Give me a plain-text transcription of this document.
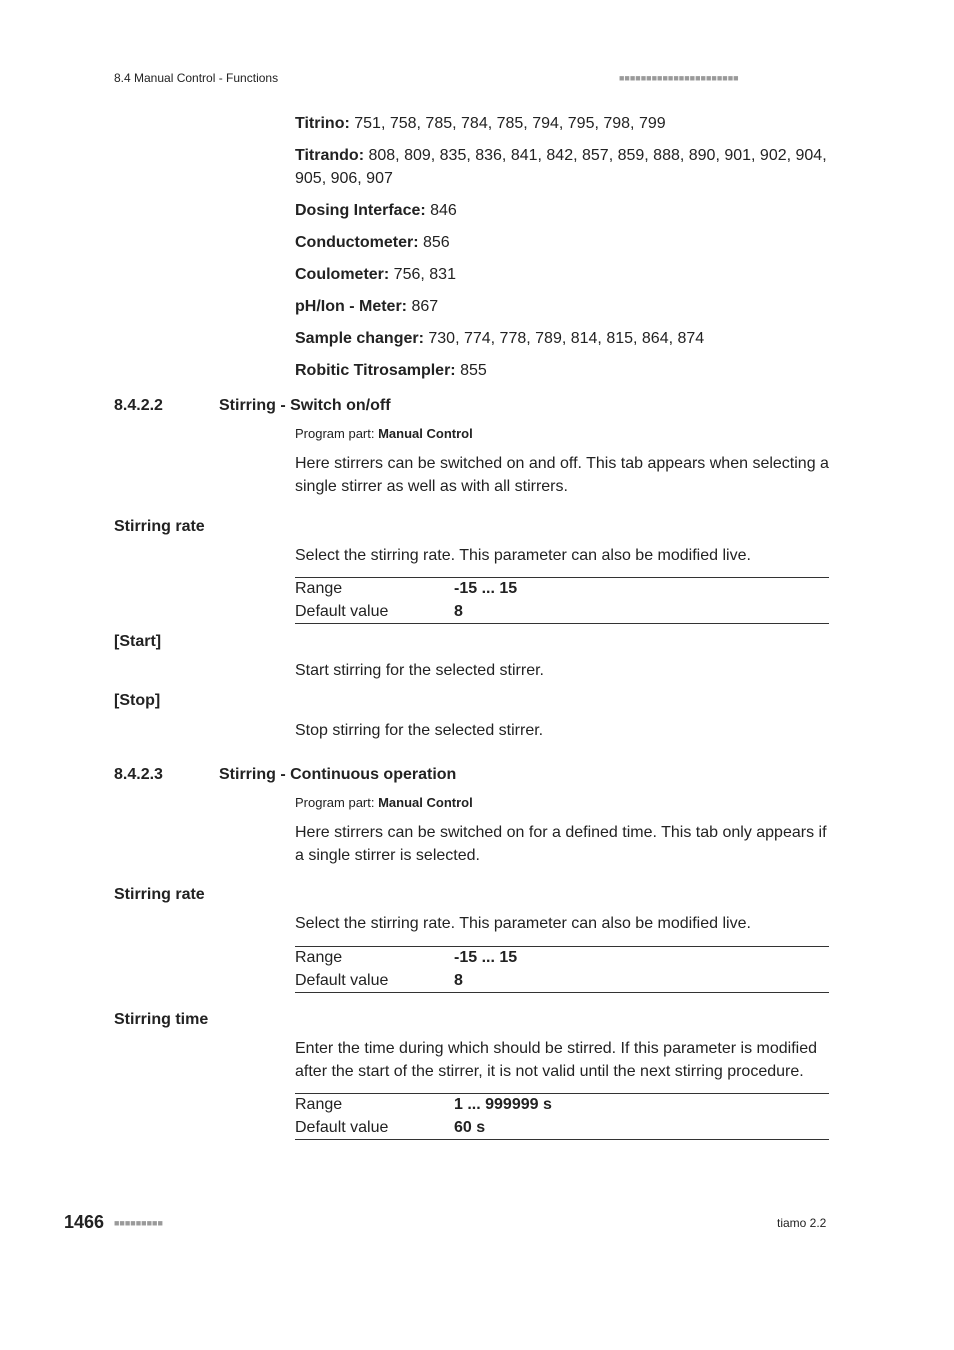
8.4 Manual Control - Functions	■■■■■■■■■■■■■■■■■■■■■■
Titrino: 751, 758, 785, 784, 785, 794, 795, 798, 799
Titrando: 808, 809, 835, 836, 841, 842, 857, 859, 888, 890, 901, 902, 904, 905, 906, 907
Dosing Interface: 846
Conductometer: 856
Coulometer: 756, 831
pH/Ion - Meter: 867
Sample changer: 730, 774, 778, 789, 814, 815, 864, 874
Robitic Titrosampler: 855
8.4.2.2	Stirring - Switch on/off
Program part: Manual Control
Here stirrers can be switched on and off. This tab appears when selecting a single stirrer as well as with all stirrers.
Stirring rate
Select the stirring rate. This parameter can also be modified live.
Range	-15 ... 15
Default value	8
[Start]
Start stirring for the selected stirrer.
[Stop]
Stop stirring for the selected stirrer.
8.4.2.3	Stirring - Continuous operation
Program part: Manual Control
Here stirrers can be switched on for a defined time. This tab only appears if a single stirrer is selected.
Stirring rate
Select the stirring rate. This parameter can also be modified live.
Range	-15 ... 15
Default value	8
Stirring time
Enter the time during which should be stirred. If this parameter is modified after the start of the stirrer, it is not valid until the next stirring procedure.
Range	1 ... 999999 s
Default value	60 s
1466 ■■■■■■■■■	tiamo 2.2
